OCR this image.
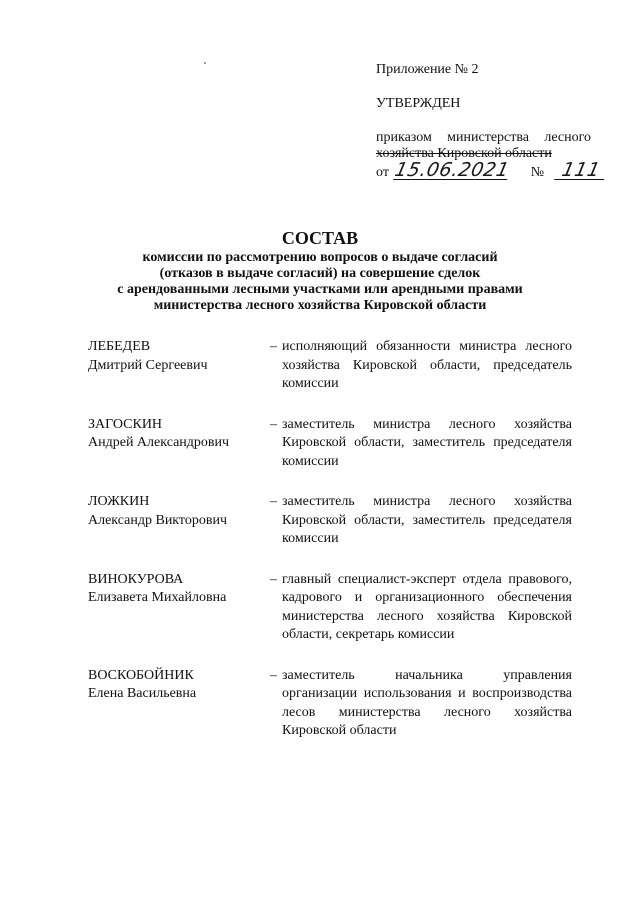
Приложение № 2
УТВЕРЖДЕН
приказом министерства лесного
хозяйства Кировской области
от 15.06.2021 № 111
СОСТАВ
комиссии по рассмотрению вопросов о выдаче согласий
(отказов в выдаче согласий) на совершение сделок
с арендованными лесными участками или арендными правами
министерства лесного хозяйства Кировской области
ЛЕБЕДЕВ
Дмитрий Сергеевич
– исполняющий обязанности министра лесного хозяйства Кировской области, председатель комиссии
ЗАГОСКИН
Андрей Александрович
– заместитель министра лесного хозяйства Кировской области, заместитель председателя комиссии
ЛОЖКИН
Александр Викторович
– заместитель министра лесного хозяйства Кировской области, заместитель председателя комиссии
ВИНОКУРОВА
Елизавета Михайловна
– главный специалист-эксперт отдела правового, кадрового и организационного обеспечения министерства лесного хозяйства Кировской области, секретарь комиссии
ВОСКОБОЙНИК
Елена Васильевна
– заместитель начальника управления организации использования и воспроизводства лесов министерства лесного хозяйства Кировской области
